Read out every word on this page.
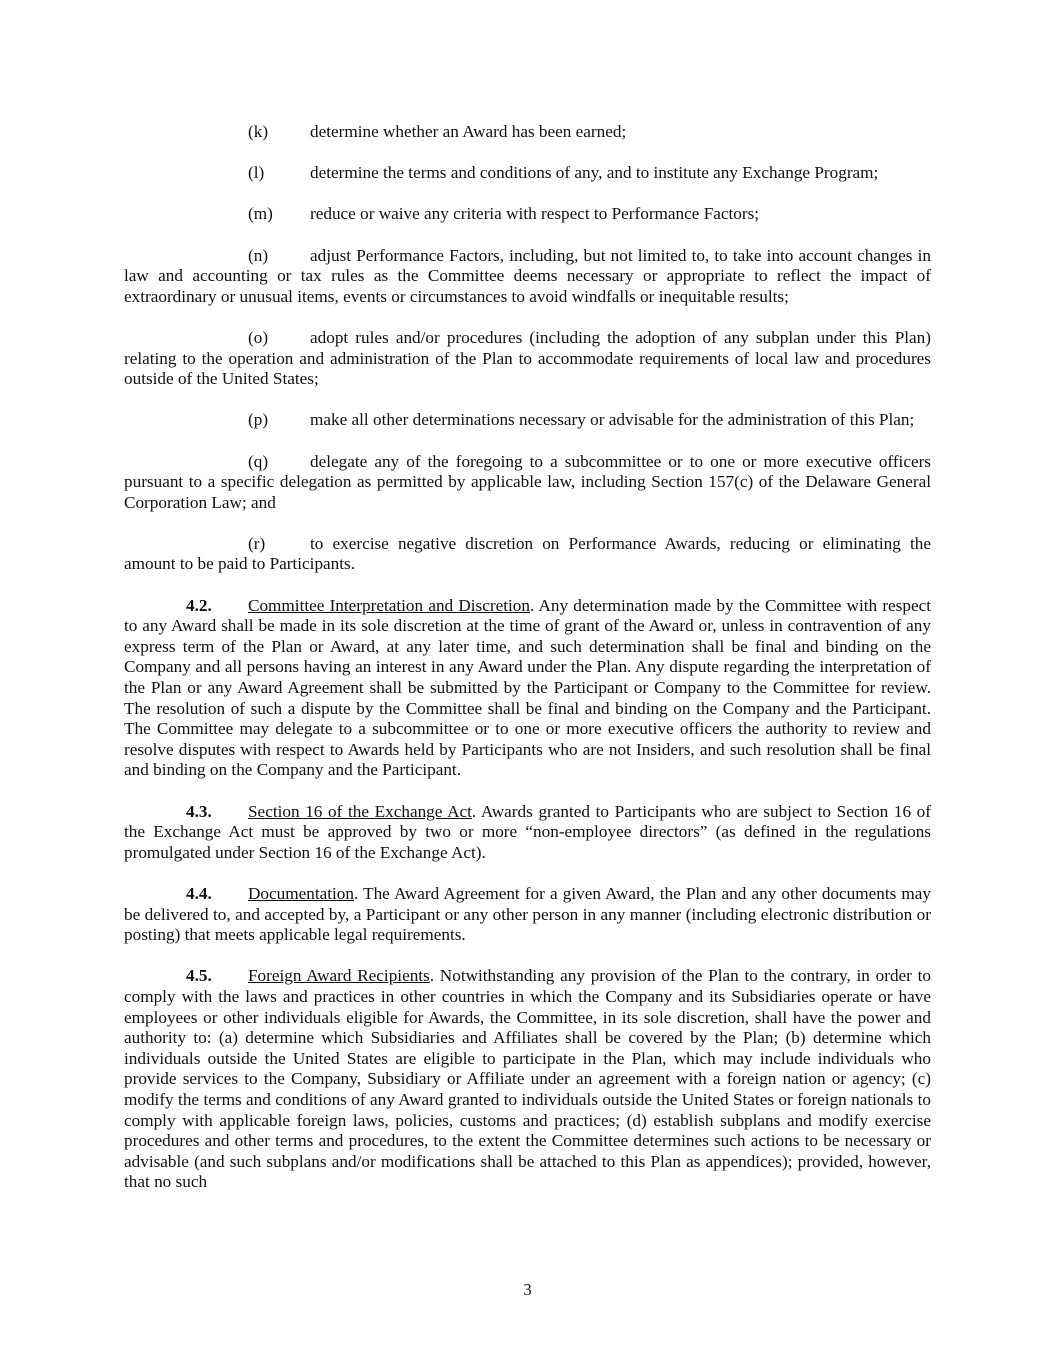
(k)	determine whether an Award has been earned;
(l)	determine the terms and conditions of any, and to institute any Exchange Program;
(m)	reduce or waive any criteria with respect to Performance Factors;

(n) adjust Performance Factors, including, but not limited to, to take into account changes in law and accounting or tax rules as the Committee deems necessary or appropriate to reflect the impact of extraordinary or unusual items, events or circumstances to avoid windfalls or inequitable results;

(o) adopt rules and/or procedures (including the adoption of any subplan under this Plan) relating to the operation and administration of the Plan to accommodate requirements of local law and procedures outside of the United States;

(p) make all other determinations necessary or advisable for the administration of this Plan;

(q) delegate any of the foregoing to a subcommittee or to one or more executive officers pursuant to a specific delegation as permitted by applicable law, including Section 157(c) of the Delaware General Corporation Law; and

(r)	to exercise negative discretion on Performance Awards, reducing or eliminating the amount to be paid to Participants.

4.2. Committee Interpretation and Discretion. Any determination made by the Committee with respect to any Award shall be made in its sole discretion at the time of grant of the Award or, unless in contravention of any express term of the Plan or Award, at any later time, and such determination shall be final and binding on the Company and all persons having an interest in any Award under the Plan. Any dispute regarding the interpretation of the Plan or any Award Agreement shall be submitted by the Participant or Company to the Committee for review. The resolution of such a dispute by the Committee shall be final and binding on the Company and the Participant. The Committee may delegate to a subcommittee or to one or more executive officers the authority to review and resolve disputes with respect to Awards held by Participants who are not Insiders, and such resolution shall be final and binding on the Company and the Participant.

4.3. Section 16 of the Exchange Act. Awards granted to Participants who are subject to Section 16 of the Exchange Act must be approved by two or more “non-employee directors” (as defined in the regulations promulgated under Section 16 of the Exchange Act).

4.4. Documentation. The Award Agreement for a given Award, the Plan and any other documents may be delivered to, and accepted by, a Participant or any other person in any manner (including electronic distribution or posting) that meets applicable legal requirements.

4.5. Foreign Award Recipients. Notwithstanding any provision of the Plan to the contrary, in order to comply with the laws and practices in other countries in which the Company and its Subsidiaries operate or have employees or other individuals eligible for Awards, the Committee, in its sole discretion, shall have the power and authority to: (a) determine which Subsidiaries and Affiliates shall be covered by the Plan; (b) determine which individuals outside the United States are eligible to participate in the Plan, which may include individuals who provide services to the Company, Subsidiary or Affiliate under an agreement with a foreign nation or agency; (c) modify the terms and conditions of any Award granted to individuals outside the United States or foreign nationals to comply with applicable foreign laws, policies, customs and practices; (d) establish subplans and modify exercise procedures and other terms and procedures, to the extent the Committee determines such actions to be necessary or advisable (and such subplans and/or modifications shall be attached to this Plan as appendices); provided, however, that no such

3
